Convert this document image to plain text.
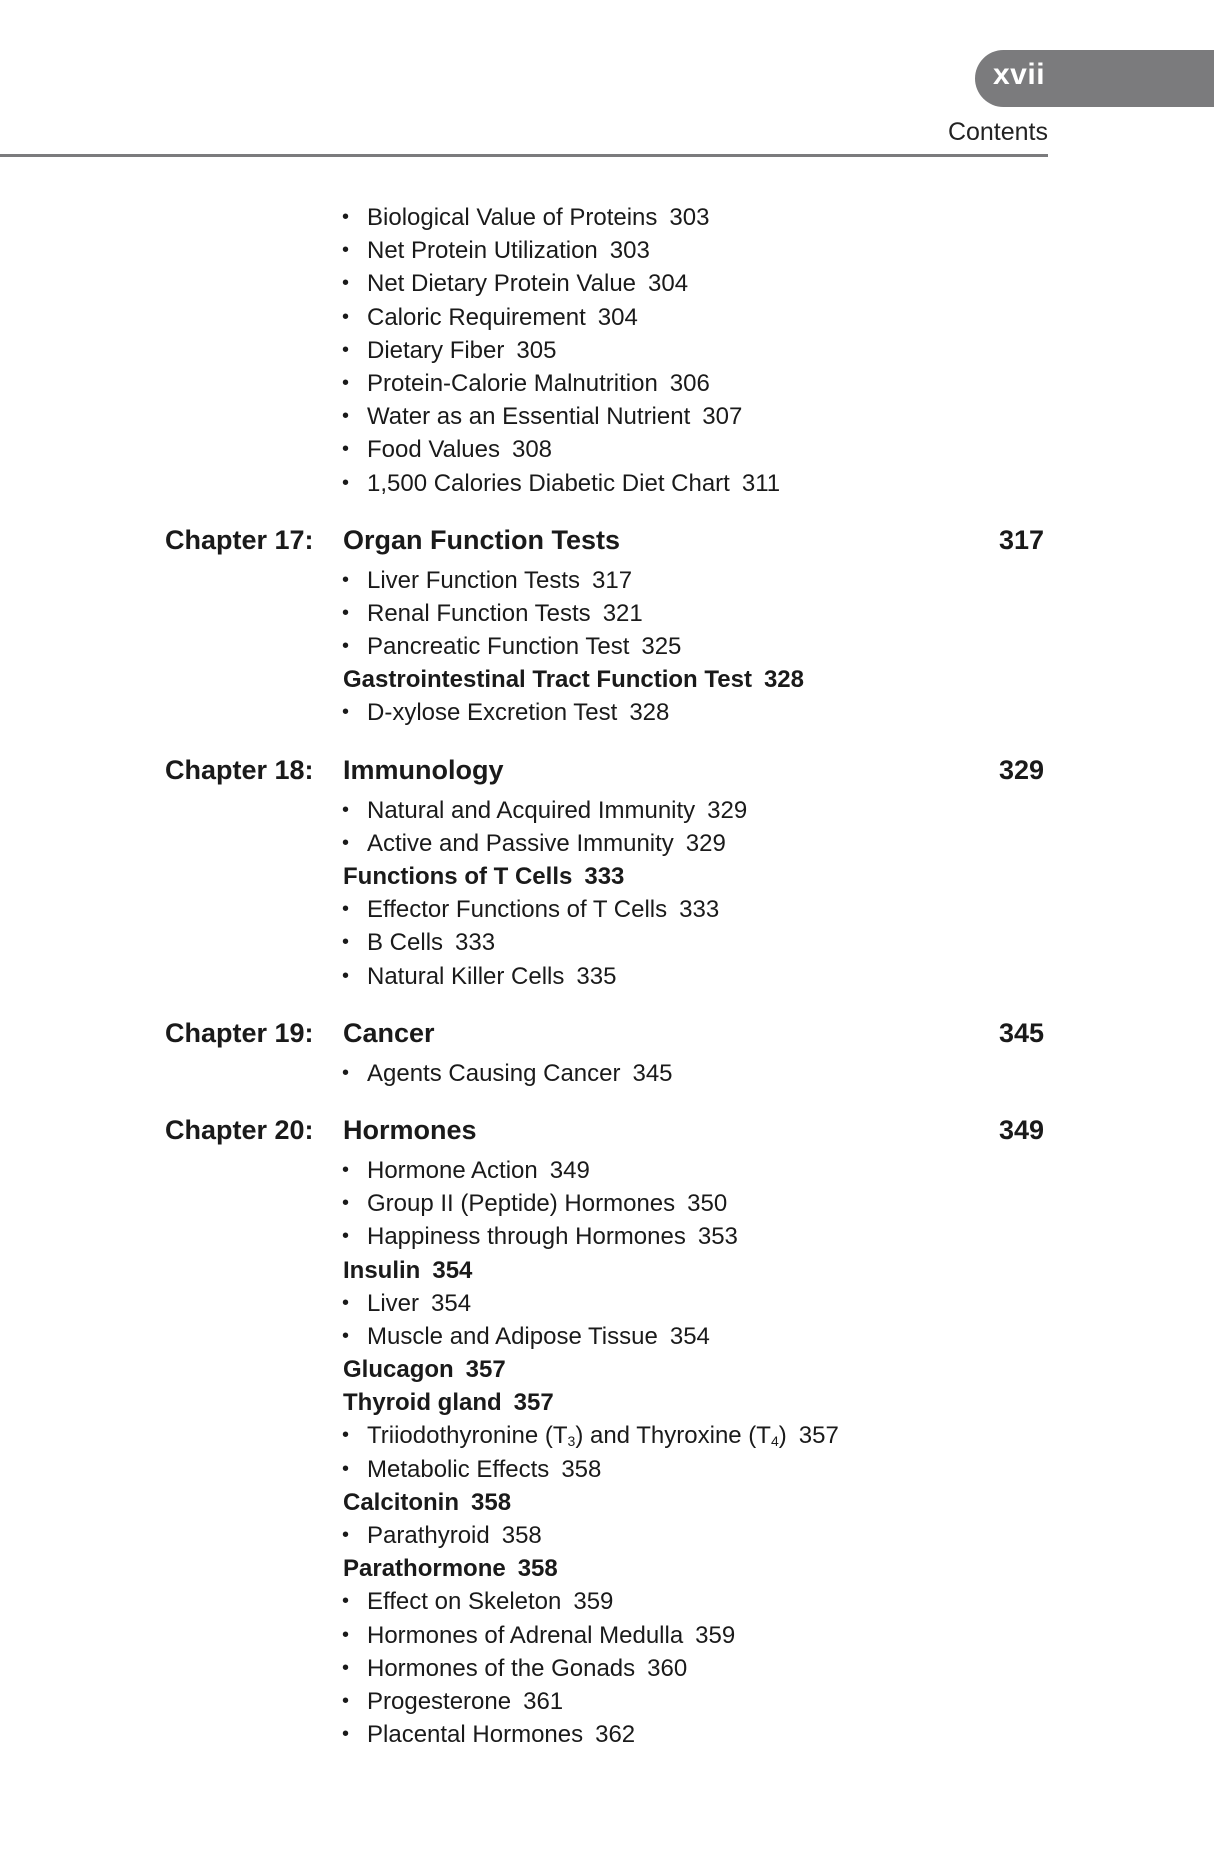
xvii
Contents
• Biological Value of Proteins 303
• Net Protein Utilization 303
• Net Dietary Protein Value 304
• Caloric Requirement 304
• Dietary Fiber 305
• Protein-Calorie Malnutrition 306
• Water as an Essential Nutrient 307
• Food Values 308
• 1,500 Calories Diabetic Diet Chart 311
Chapter 17: Organ Function Tests	317
• Liver Function Tests 317
• Renal Function Tests 321
• Pancreatic Function Test 325
Gastrointestinal Tract Function Test 328
• D-xylose Excretion Test 328
Chapter 18: Immunology	329
• Natural and Acquired Immunity 329
• Active and Passive Immunity 329
Functions of T Cells 333
• Effector Functions of T Cells 333
• B Cells 333
• Natural Killer Cells 335
Chapter 19: Cancer	345
• Agents Causing Cancer 345
Chapter 20: Hormones	349
• Hormone Action 349
• Group II (Peptide) Hormones 350
• Happiness through Hormones 353
Insulin 354
• Liver 354
• Muscle and Adipose Tissue 354
Glucagon 357
Thyroid gland 357
• Triiodothyronine $(T_3)$ and Thyroxine $(T_4)$ 357
• Metabolic Effects 358
Calcitonin 358
• Parathyroid 358
Parathormone 358
• Effect on Skeleton 359
• Hormones of Adrenal Medulla 359
• Hormones of the Gonads 360
• Progesterone 361
• Placental Hormones 362
